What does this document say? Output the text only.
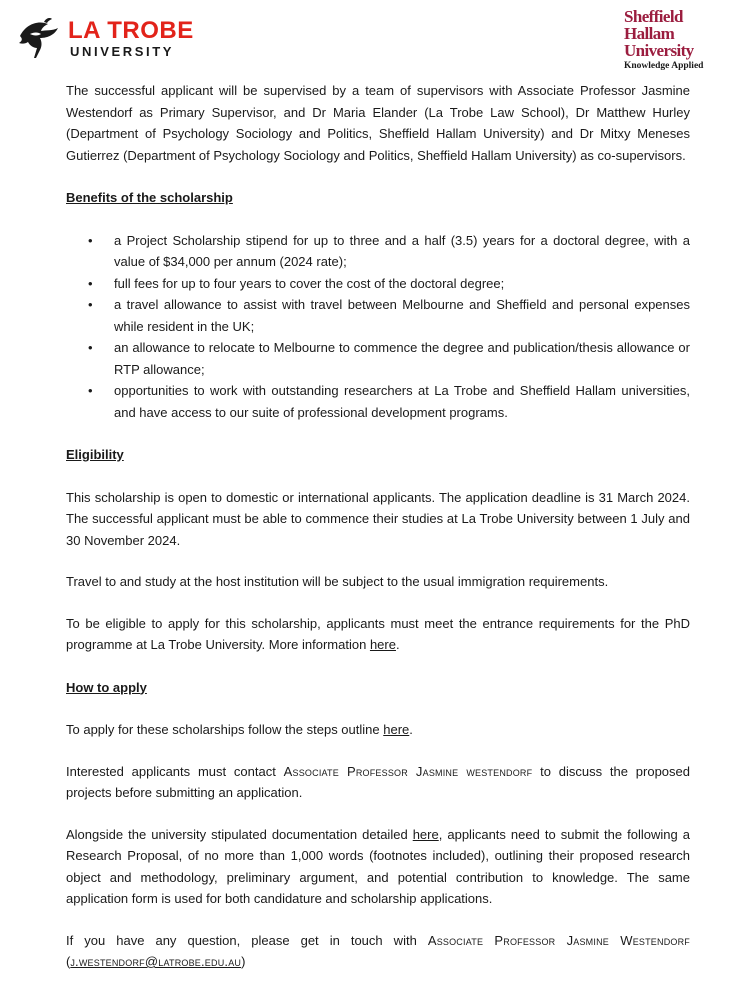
LA TROBE
UNIVERSITY
Sheffield
Hallam
University
Knowledge Applied

The successful applicant will be supervised by a team of supervisors with Associate Professor Jasmine Westendorf as Primary Supervisor, and Dr Maria Elander (La Trobe Law School), Dr Matthew Hurley (Department of Psychology Sociology and Politics, Sheffield Hallam University) and Dr Mitxy Meneses Gutierrez (Department of Psychology Sociology and Politics, Sheffield Hallam University) as co-supervisors.

Benefits of the scholarship
• a Project Scholarship stipend for up to three and a half (3.5) years for a doctoral degree, with a value of $34,000 per annum (2024 rate);
• full fees for up to four years to cover the cost of the doctoral degree;
• a travel allowance to assist with travel between Melbourne and Sheffield and personal expenses while resident in the UK;
• an allowance to relocate to Melbourne to commence the degree and publication/thesis allowance or RTP allowance;
• opportunities to work with outstanding researchers at La Trobe and Sheffield Hallam universities, and have access to our suite of professional development programs.
Eligibility

This scholarship is open to domestic or international applicants. The application deadline is 31 March 2024. The successful applicant must be able to commence their studies at La Trobe University between 1 July and 30 November 2024.

Travel to and study at the host institution will be subject to the usual immigration requirements.

To be eligible to apply for this scholarship, applicants must meet the entrance requirements for the PhD programme at La Trobe University. More information here.

How to apply

To apply for these scholarships follow the steps outline here.

Interested applicants must contact Associate Professor Jasmine westendorf to discuss the proposed projects before submitting an application.

Alongside the university stipulated documentation detailed here, applicants need to submit the following a Research Proposal, of no more than 1,000 words (footnotes included), outlining their proposed research object and methodology, preliminary argument, and potential contribution to knowledge. The same application form is used for both candidature and scholarship applications.

If you have any question, please get in touch with Associate Professor Jasmine Westendorf (j.westendorf@latrobe.edu.au)
